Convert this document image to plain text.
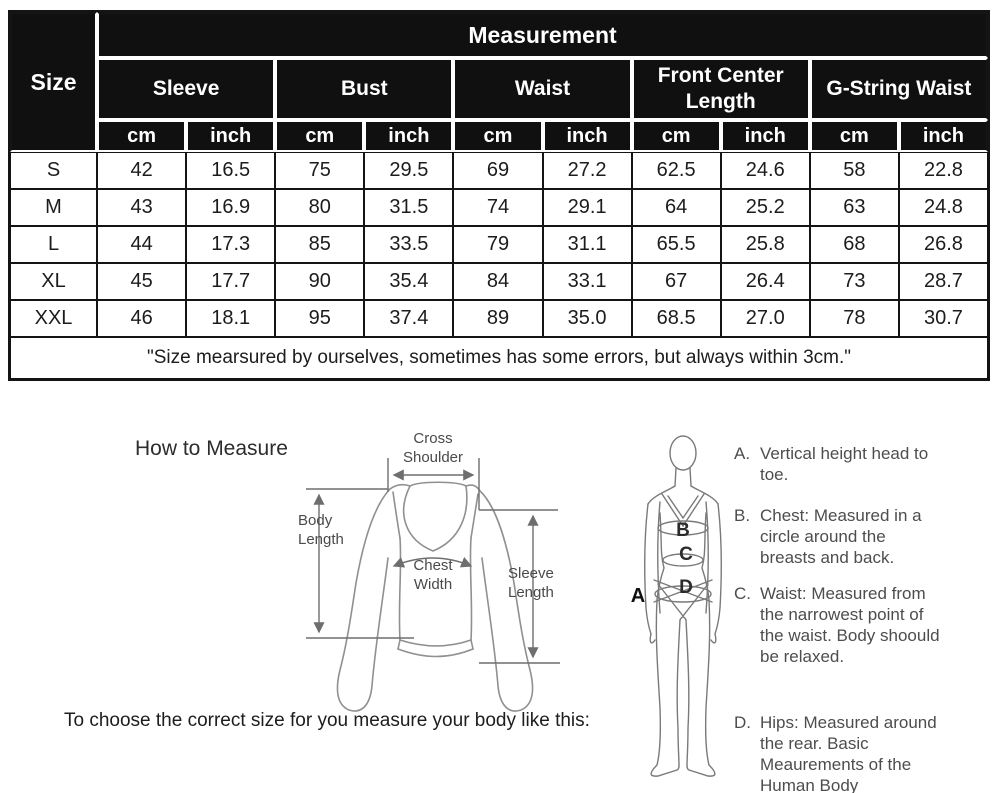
Size	Measurement									
	Sleeve		Bust		Waist		Front Center Length		G-String Waist	
	cm	inch	cm	inch	cm	inch	cm	inch	cm	inch
S	42	16.5	75	29.5	69	27.2	62.5	24.6	58	22.8
M	43	16.9	80	31.5	74	29.1	64	25.2	63	24.8
L	44	17.3	85	33.5	79	31.1	65.5	25.8	68	26.8
XL	45	17.7	90	35.4	84	33.1	67	26.4	73	28.7
XXL	46	18.1	95	37.4	89	35.0	68.5	27.0	78	30.7
"Size mearsured by ourselves, sometimes has some errors, but always within 3cm."										
How to Measure	Cross
Shoulder
Body
Length
Chest
Width
Sleeve
Length	A
B
C
D
A. Vertical height head to toe.
B. Chest: Measured in a circle around the breasts and back.
C. Waist: Measured from the narrowest point of the waist. Body shoould be relaxed.
D. Hips: Measured around the rear. Basic Meaurements of the Human Body
To choose the correct size for you measure your body like this:
